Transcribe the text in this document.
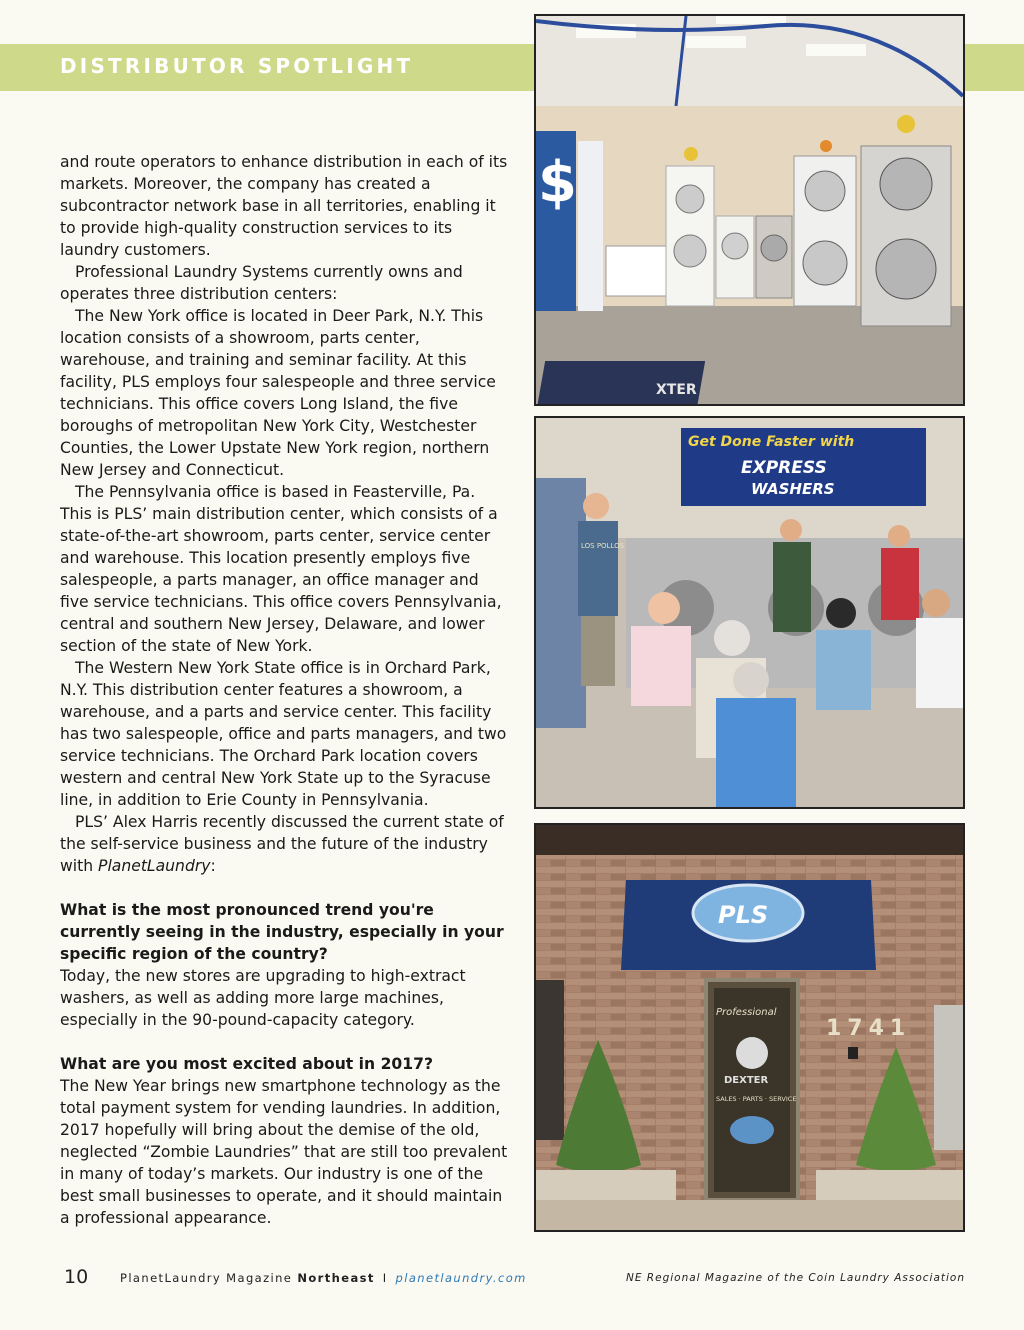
DISTRIBUTOR SPOTLIGHT

and route operators to enhance distribution in each of its markets. Moreover, the company has created a subcontractor network base in all territories, enabling it to provide high-quality construction services to its laundry customers.

Professional Laundry Systems currently owns and operates three distribution centers:

The New York office is located in Deer Park, N.Y. This location consists of a showroom, parts center, warehouse, and training and seminar facility. At this facility, PLS employs four salespeople and three service technicians. This office covers Long Island, the five boroughs of metropolitan New York City, Westchester Counties, the Lower Upstate New York region, northern New Jersey and Connecticut.

The Pennsylvania office is based in Feasterville, Pa. This is PLS’ main distribution center, which consists of a state-of-the-art showroom, parts center, service center and warehouse. This location presently employs five salespeople, a parts manager, an office manager and five service technicians. This office covers Pennsylvania, central and southern New Jersey, Delaware, and lower section of the state of New York.

The Western New York State office is in Orchard Park, N.Y. This distribution center features a showroom, a warehouse, and a parts and service center. This facility has two salespeople, office and parts managers, and two service technicians. The Orchard Park location covers western and central New York State up to the Syracuse line, in addition to Erie County in Pennsylvania.

PLS’ Alex Harris recently discussed the current state of the self-service business and the future of the industry with PlanetLaundry:

What is the most pronounced trend you're currently seeing in the industry, especially in your specific region of the country?

Today, the new stores are upgrading to high-extract washers, as well as adding more large machines, especially in the 90-pound-capacity category.

What are you most excited about in 2017?

The New Year brings new smartphone technology as the total payment system for vending laundries. In addition, 2017 hopefully will bring about the demise of the old, neglected “Zombie Laundries” that are still too prevalent in many of today’s markets. Our industry is one of the best small businesses to operate, and it should maintain a professional appearance.

$
XTER
Get Done Faster with
EXPRESS
WASHERS
LOS POLLOS
PLS
Professional
DEXTER
SALES · PARTS · SERVICE
1741
10	PlanetLaundry Magazine Northeast I planetlaundry.com	NE Regional Magazine of the Coin Laundry Association
